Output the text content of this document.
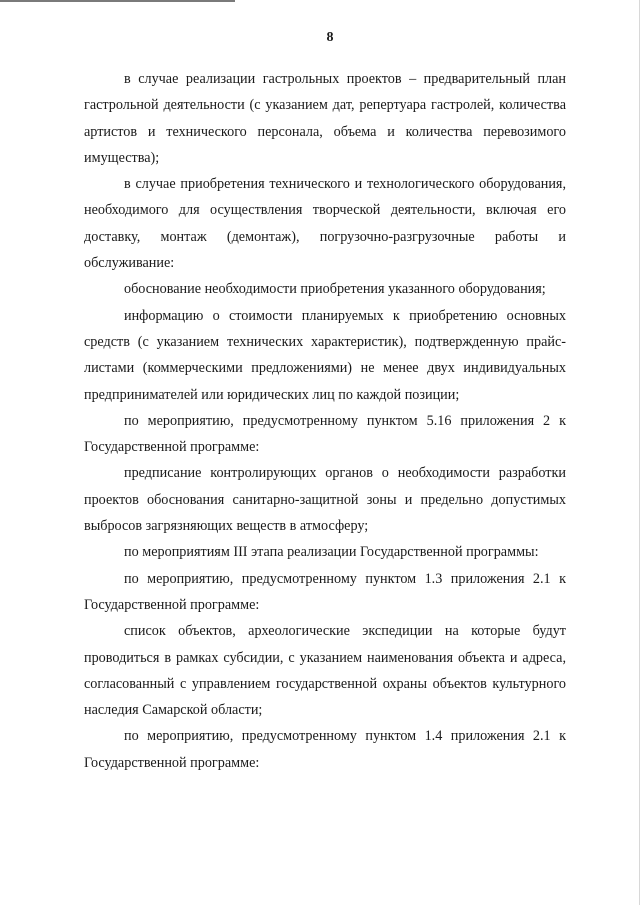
8

в случае реализации гастрольных проектов – предварительный план гастрольной деятельности (с указанием дат, репертуара гастролей, количества артистов и технического персонала, объема и количества перевозимого имущества);

в случае приобретения технического и технологического оборудования, необходимого для осуществления творческой деятельности, включая его доставку, монтаж (демонтаж), погрузочно-разгрузочные работы и обслуживание:

обоснование необходимости приобретения указанного оборудования;

информацию о стоимости планируемых к приобретению основных средств (с указанием технических характеристик), подтвержденную прайс-листами (коммерческими предложениями) не менее двух индивидуальных предпринимателей или юридических лиц по каждой позиции;

по мероприятию, предусмотренному пунктом 5.16 приложения 2 к Государственной программе:

предписание контролирующих органов о необходимости разработки проектов обоснования санитарно-защитной зоны и предельно допустимых выбросов загрязняющих веществ в атмосферу;

по мероприятиям III этапа реализации Государственной программы:

по мероприятию, предусмотренному пунктом 1.3 приложения 2.1 к Государственной программе:

список объектов, археологические экспедиции на которые будут проводиться в рамках субсидии, с указанием наименования объекта и адреса, согласованный с управлением государственной охраны объектов культурного наследия Самарской области;

по мероприятию, предусмотренному пунктом 1.4 приложения 2.1 к Государственной программе:
